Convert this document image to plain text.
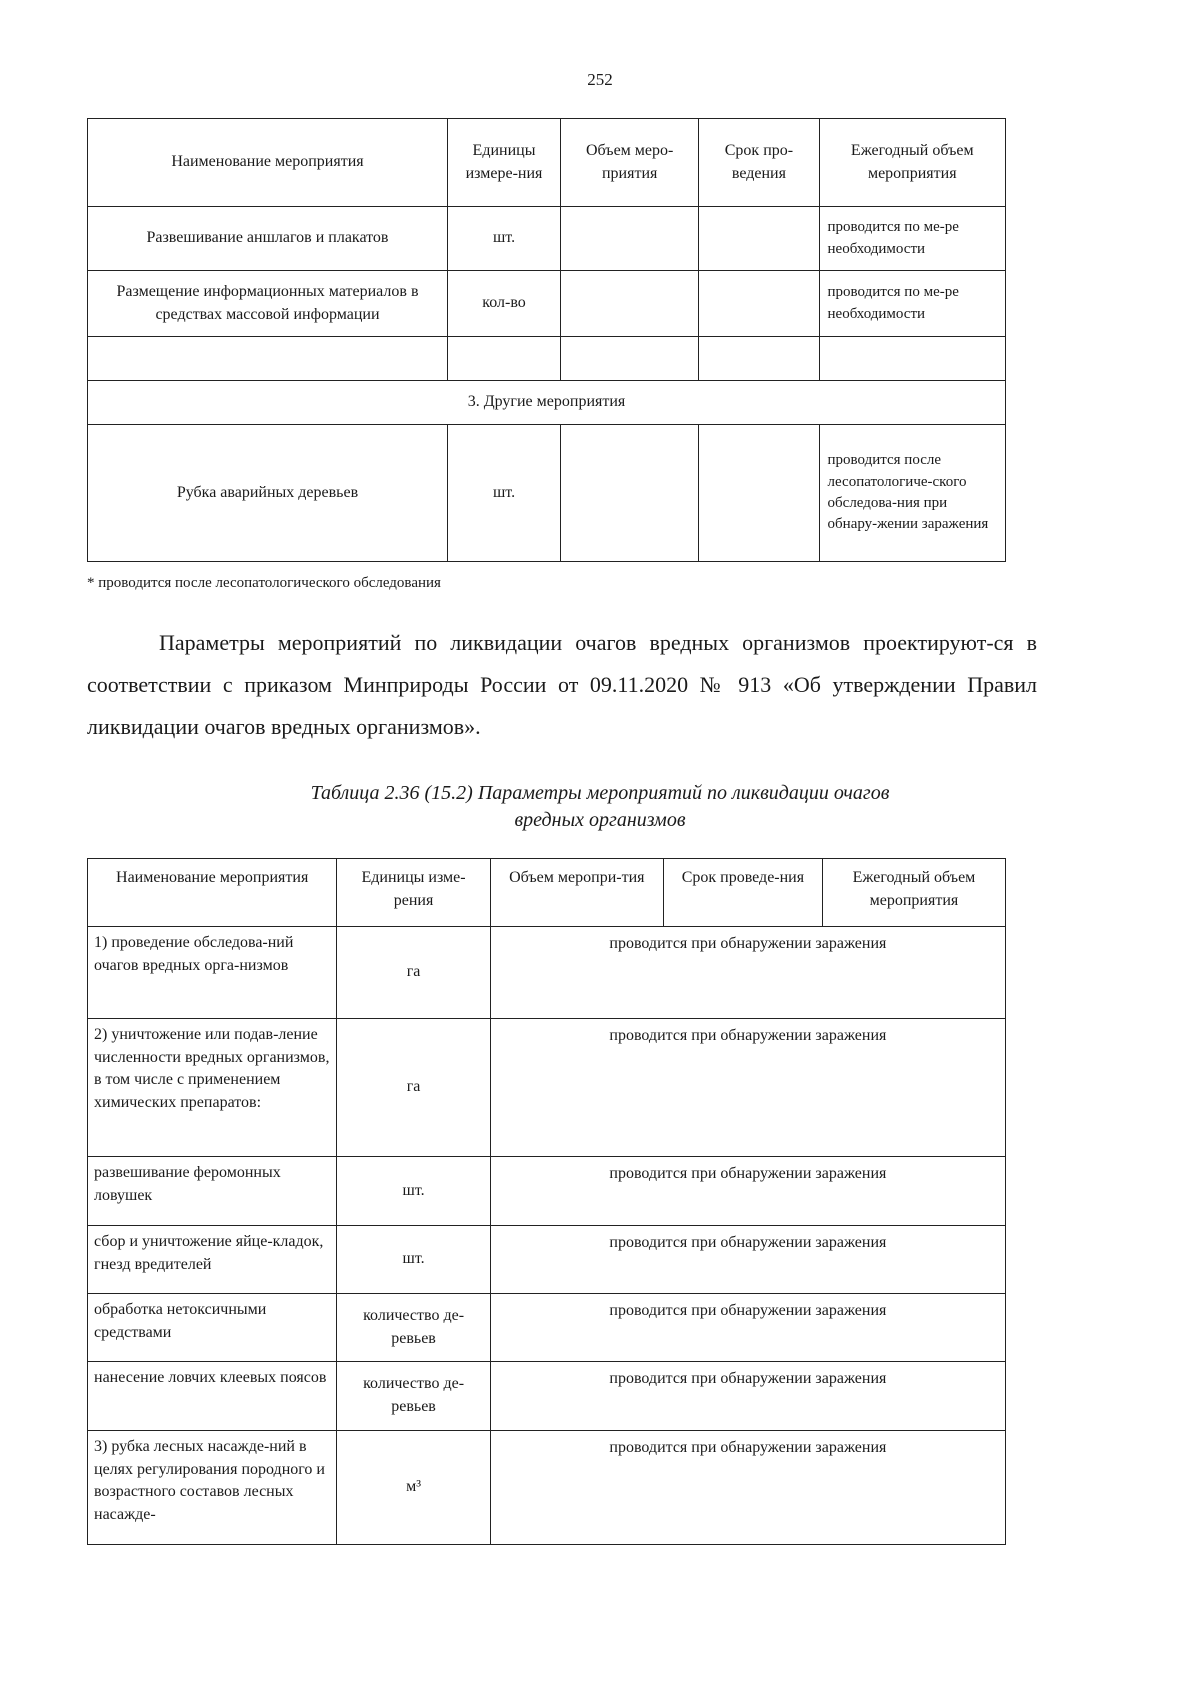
252
Наименование мероприятия	Единицы измере-ния	Объем меро-приятия	Срок про-ведения	Ежегодный объем мероприятия
Развешивание аншлагов и плакатов	шт.			проводится по ме-ре необходимости
Размещение информационных материалов в средствах массовой информации	кол-во			проводится по ме-ре необходимости

3. Другие мероприятия				
Рубка аварийных деревьев	шт.			проводится после лесопатологиче-ского обследова-ния при обнару-жении заражения
* проводится после лесопатологического обследования

Параметры мероприятий по ликвидации очагов вредных организмов проектируют-ся в соответствии с приказом Минприроды России от 09.11.2020 № 913 «Об утверждении Правил ликвидации очагов вредных организмов».

Таблица 2.36 (15.2) Параметры мероприятий по ликвидации очагов
вредных организмов
Наименование мероприятия	Единицы изме-рения	Объем меропри-тия	Срок проведе-ния	Ежегодный объем мероприятия
1) проведение обследова-ний очагов вредных орга-низмов	га	проводится при обнаружении заражения		
2) уничтожение или подав-ление численности вредных организмов, в том числе с применением химических препаратов:	га	проводится при обнаружении заражения		
развешивание феромонных ловушек	шт.	проводится при обнаружении заражения		
сбор и уничтожение яйце-кладок, гнезд вредителей	шт.	проводится при обнаружении заражения		
обработка нетоксичными средствами	количество де-ревьев	проводится при обнаружении заражения		
нанесение ловчих клеевых поясов	количество де-ревьев	проводится при обнаружении заражения		
3) рубка лесных насажде-ний в целях регулирования породного и возрастного составов лесных насажде-	м³	проводится при обнаружении заражения		
